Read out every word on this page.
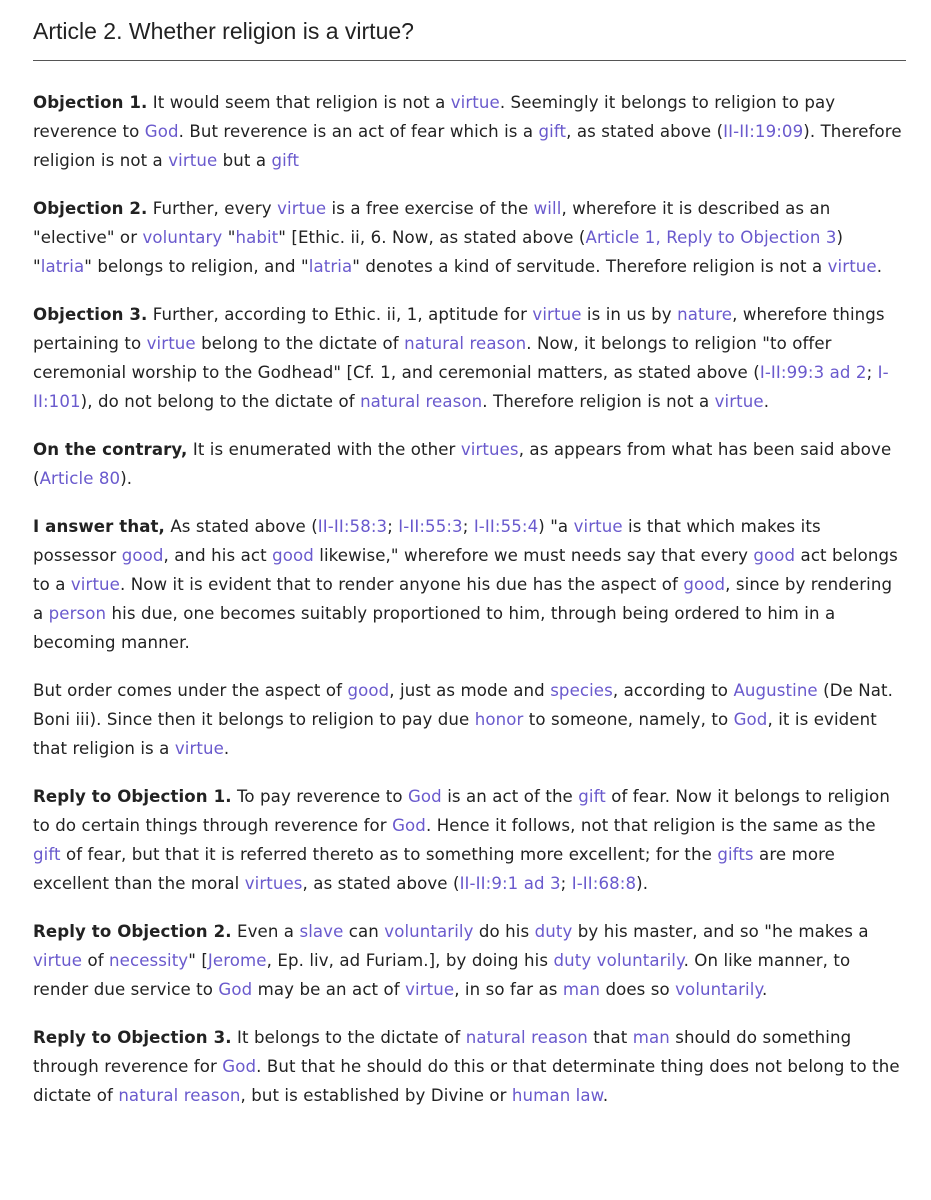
Article 2. Whether religion is a virtue?

Objection 1. It would seem that religion is not a virtue. Seemingly it belongs to religion to pay reverence to God. But reverence is an act of fear which is a gift, as stated above (II-II:19:09). Therefore religion is not a virtue but a gift

Objection 2. Further, every virtue is a free exercise of the will, wherefore it is described as an "elective" or voluntary "habit" [Ethic. ii, 6. Now, as stated above (Article 1, Reply to Objection 3) "latria" belongs to religion, and "latria" denotes a kind of servitude. Therefore religion is not a virtue.

Objection 3. Further, according to Ethic. ii, 1, aptitude for virtue is in us by nature, wherefore things pertaining to virtue belong to the dictate of natural reason. Now, it belongs to religion "to offer ceremonial worship to the Godhead" [Cf. 1, and ceremonial matters, as stated above (I-II:99:3 ad 2; I-II:101), do not belong to the dictate of natural reason. Therefore religion is not a virtue.

On the contrary, It is enumerated with the other virtues, as appears from what has been said above (Article 80).

I answer that, As stated above (II-II:58:3; I-II:55:3; I-II:55:4) "a virtue is that which makes its possessor good, and his act good likewise," wherefore we must needs say that every good act belongs to a virtue. Now it is evident that to render anyone his due has the aspect of good, since by rendering a person his due, one becomes suitably proportioned to him, through being ordered to him in a becoming manner.

But order comes under the aspect of good, just as mode and species, according to Augustine (De Nat. Boni iii). Since then it belongs to religion to pay due honor to someone, namely, to God, it is evident that religion is a virtue.

Reply to Objection 1. To pay reverence to God is an act of the gift of fear. Now it belongs to religion to do certain things through reverence for God. Hence it follows, not that religion is the same as the gift of fear, but that it is referred thereto as to something more excellent; for the gifts are more excellent than the moral virtues, as stated above (II-II:9:1 ad 3; I-II:68:8).

Reply to Objection 2. Even a slave can voluntarily do his duty by his master, and so "he makes a virtue of necessity" [Jerome, Ep. liv, ad Furiam.], by doing his duty voluntarily. On like manner, to render due service to God may be an act of virtue, in so far as man does so voluntarily.

Reply to Objection 3. It belongs to the dictate of natural reason that man should do something through reverence for God. But that he should do this or that determinate thing does not belong to the dictate of natural reason, but is established by Divine or human law.
